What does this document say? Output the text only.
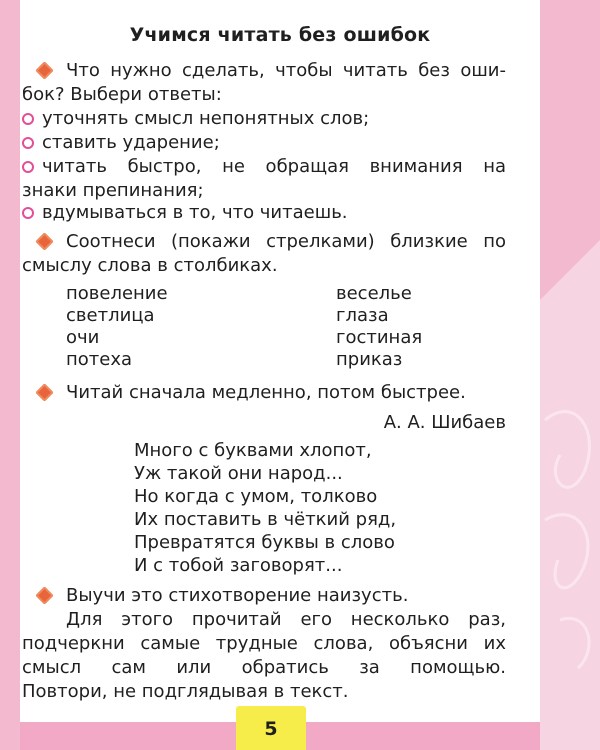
Учимся читать без ошибок
Что нужно сделать, чтобы читать без оши-
бок? Выбери ответы:
уточнять смысл непонятных слов;
ставить ударение;
читать быстро, не обращая внимания на
знаки препинания;
вдумываться в то, что читаешь.
Соотнеси (покажи стрелками) близкие по
смыслу слова в столбиках.
повеление
светлица
очи
потеха
веселье
глаза
гостиная
приказ
Читай сначала медленно, потом быстрее.
А. А. Шибаев
Много с буквами хлопот,
Уж такой они народ...
Но когда с умом, толково
Их поставить в чёткий ряд,
Превратятся буквы в слово
И с тобой заговорят...
Выучи это стихотворение наизусть.
Для этого прочитай его несколько раз,
подчеркни самые трудные слова, объясни их
смысл сам или обратись за помощью.
Повтори, не подглядывая в текст.
5
